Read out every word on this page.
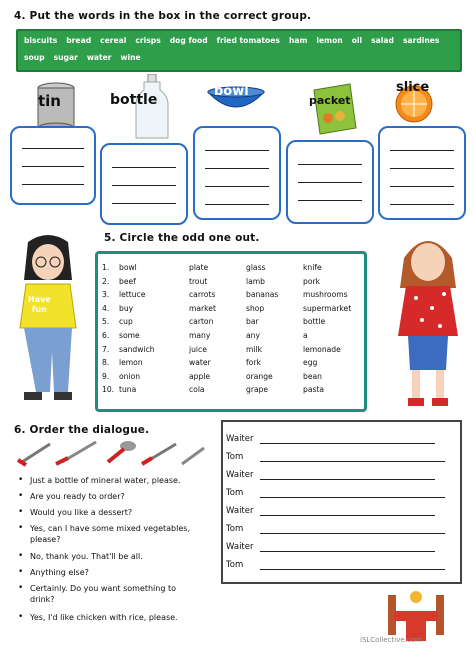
4. Put the words in the box in the correct group.
biscuits bread cereal crisps dog food fried tomatoes ham lemon oil salad sardines
soup sugar water wine
tin	bottle
bowl
packet
slice
5. Circle the odd one out.
Have
fun
1.	bowl	plate	glass	knife
2.	beef	trout	lamb	pork
3.	lettuce	carrots	bananas	mushrooms
4.	buy	market	shop	supermarket
5.	cup	carton	bar	bottle
6.	some	many	any	a
7.	sandwich	juice	milk	lemonade
8.	lemon	water	fork	egg
9.	onion	apple	orange	bean
10. tuna	cola	grape	pasta
6. Order the dialogue.
• Just a bottle of mineral water, please.
• Are you ready to order?
• Would you like a dessert?
• Yes, can I have some mixed vegetables,
please?
• No, thank you. That'll be all.
• Anything else?
• Certainly. Do you want something to
drink?
• Yes, I'd like chicken with rice, please.
Waiter
Tom
Waiter
Tom
Waiter
Tom
Waiter
Tom
iSLCollective.com
